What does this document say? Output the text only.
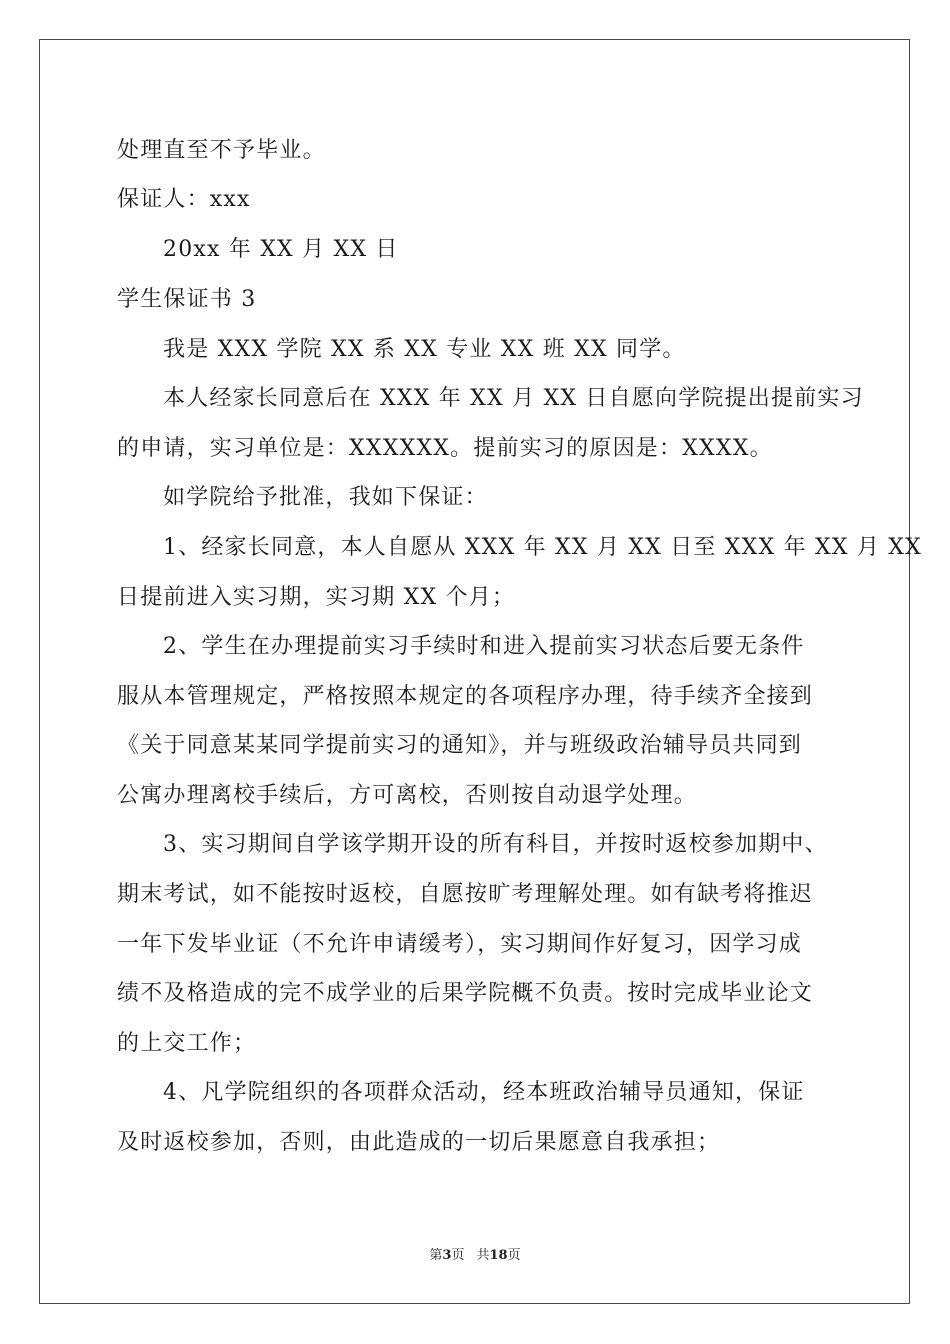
处理直至不予毕业。
保证人：xxx
20xx 年 XX 月 XX 日
学生保证书 3
我是 XXX 学院 XX 系 XX 专业 XX 班 XX 同学。
本人经家长同意后在 XXX 年 XX 月 XX 日自愿向学院提出提前实习
的申请，实习单位是：XXXXXX。提前实习的原因是：XXXX。
如学院给予批准，我如下保证：
1、经家长同意，本人自愿从 XXX 年 XX 月 XX 日至 XXX 年 XX 月 XX
日提前进入实习期，实习期 XX 个月；
2、学生在办理提前实习手续时和进入提前实习状态后要无条件
服从本管理规定，严格按照本规定的各项程序办理，待手续齐全接到
《关于同意某某同学提前实习的通知》，并与班级政治辅导员共同到
公寓办理离校手续后，方可离校，否则按自动退学处理。
3、实习期间自学该学期开设的所有科目，并按时返校参加期中、
期末考试，如不能按时返校，自愿按旷考理解处理。如有缺考将推迟
一年下发毕业证（不允许申请缓考），实习期间作好复习，因学习成
绩不及格造成的完不成学业的后果学院概不负责。按时完成毕业论文
的上交工作；
4、凡学院组织的各项群众活动，经本班政治辅导员通知，保证
及时返校参加，否则，由此造成的一切后果愿意自我承担；
第3页 共18页
